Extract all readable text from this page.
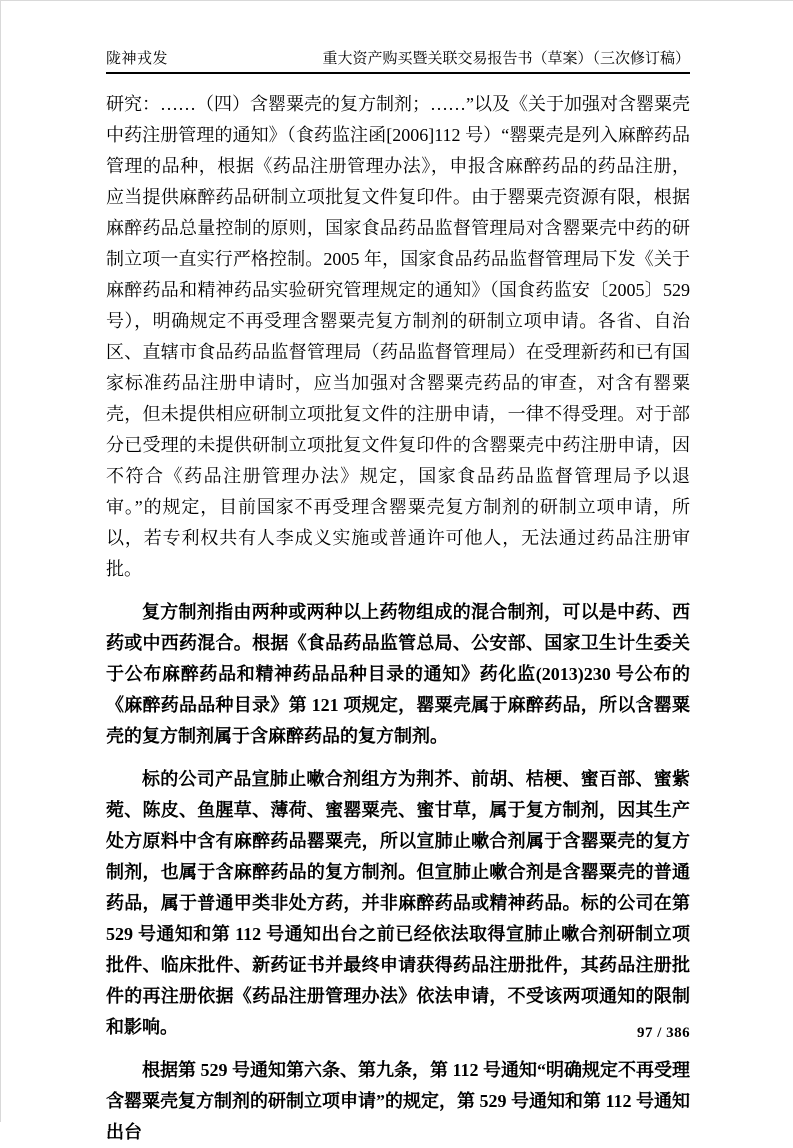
陇神戎发	重大资产购买暨关联交易报告书（草案）（三次修订稿）

研究：……（四）含罂粟壳的复方制剂；……”以及《关于加强对含罂粟壳中药注册管理的通知》（食药监注函[2006]112 号）“罂粟壳是列入麻醉药品管理的品种，根据《药品注册管理办法》，申报含麻醉药品的药品注册，应当提供麻醉药品研制立项批复文件复印件。由于罂粟壳资源有限，根据麻醉药品总量控制的原则，国家食品药品监督管理局对含罂粟壳中药的研制立项一直实行严格控制。2005 年，国家食品药品监督管理局下发《关于麻醉药品和精神药品实验研究管理规定的通知》（国食药监安〔2005〕529 号），明确规定不再受理含罂粟壳复方制剂的研制立项申请。各省、自治区、直辖市食品药品监督管理局（药品监督管理局）在受理新药和已有国家标准药品注册申请时，应当加强对含罂粟壳药品的审查，对含有罂粟壳，但未提供相应研制立项批复文件的注册申请，一律不得受理。对于部分已受理的未提供研制立项批复文件复印件的含罂粟壳中药注册申请，因不符合《药品注册管理办法》规定，国家食品药品监督管理局予以退审。”的规定，目前国家不再受理含罂粟壳复方制剂的研制立项申请，所以，若专利权共有人李成义实施或普通许可他人，无法通过药品注册审批。

复方制剂指由两种或两种以上药物组成的混合制剂，可以是中药、西药或中西药混合。根据《食品药品监管总局、公安部、国家卫生计生委关于公布麻醉药品和精神药品品种目录的通知》药化监(2013)230 号公布的《麻醉药品品种目录》第 121 项规定，罂粟壳属于麻醉药品，所以含罂粟壳的复方制剂属于含麻醉药品的复方制剂。

标的公司产品宣肺止嗽合剂组方为荆芥、前胡、桔梗、蜜百部、蜜紫菀、陈皮、鱼腥草、薄荷、蜜罂粟壳、蜜甘草，属于复方制剂，因其生产处方原料中含有麻醉药品罂粟壳，所以宣肺止嗽合剂属于含罂粟壳的复方制剂，也属于含麻醉药品的复方制剂。但宣肺止嗽合剂是含罂粟壳的普通药品，属于普通甲类非处方药，并非麻醉药品或精神药品。标的公司在第 529 号通知和第 112 号通知出台之前已经依法取得宣肺止嗽合剂研制立项批件、临床批件、新药证书并最终申请获得药品注册批件，其药品注册批件的再注册依据《药品注册管理办法》依法申请，不受该两项通知的限制和影响。

根据第 529 号通知第六条、第九条，第 112 号通知“明确规定不再受理含罂粟壳复方制剂的研制立项申请”的规定，第 529 号通知和第 112 号通知出台

97 / 386
